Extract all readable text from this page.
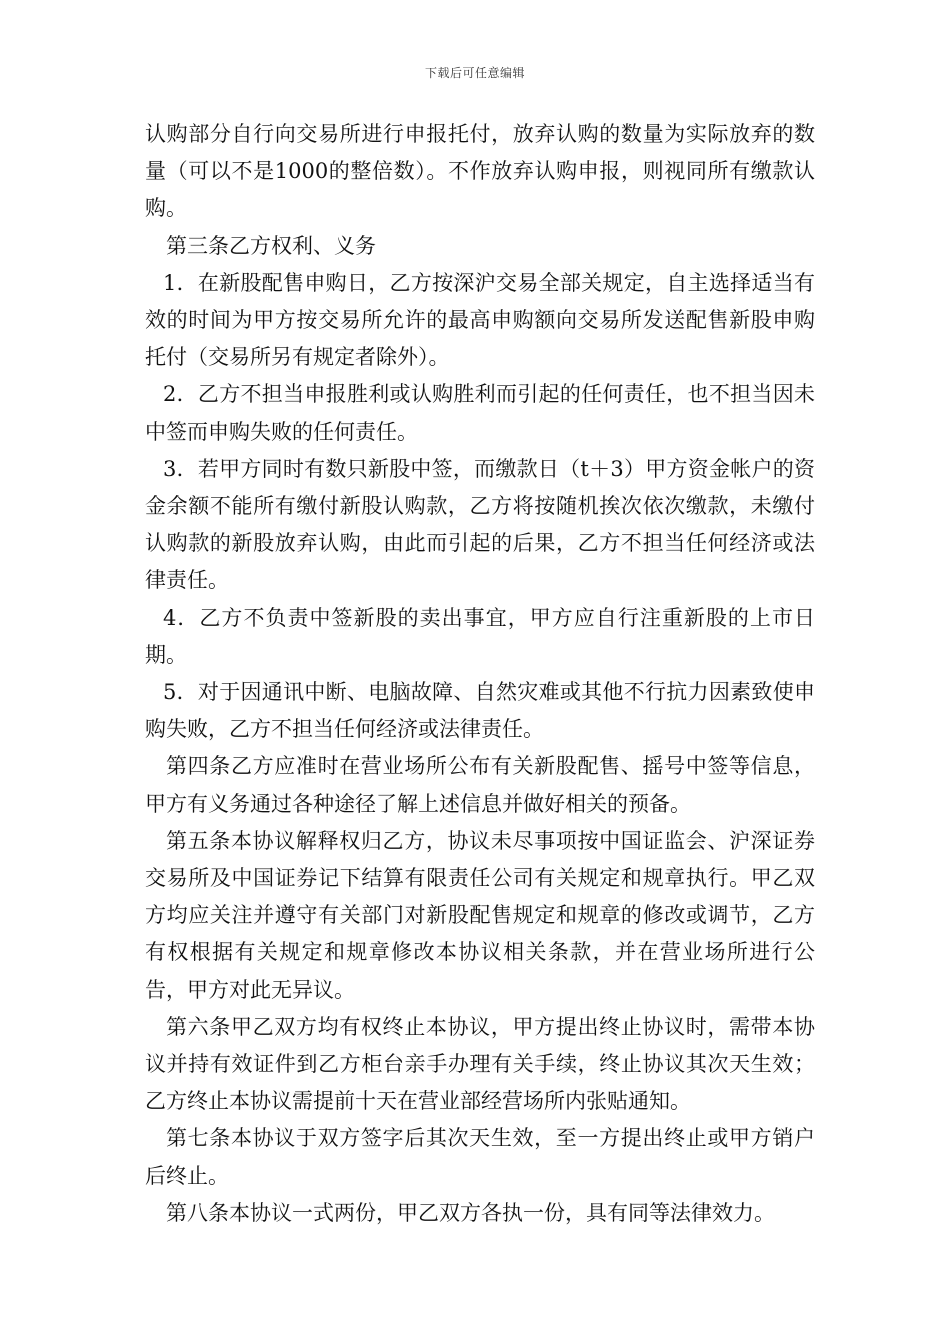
下载后可任意编辑

认购部分自行向交易所进行申报托付，放弃认购的数量为实际放弃的数量（可以不是1000的整倍数）。不作放弃认购申报，则视同所有缴款认购。

第三条乙方权利、义务

1．在新股配售申购日，乙方按深沪交易全部关规定，自主选择适当有效的时间为甲方按交易所允许的最高申购额向交易所发送配售新股申购托付（交易所另有规定者除外）。

2．乙方不担当申报胜利或认购胜利而引起的任何责任，也不担当因未中签而申购失败的任何责任。

3．若甲方同时有数只新股中签，而缴款日（t＋3）甲方资金帐户的资金余额不能所有缴付新股认购款，乙方将按随机挨次依次缴款，未缴付认购款的新股放弃认购，由此而引起的后果，乙方不担当任何经济或法律责任。

4．乙方不负责中签新股的卖出事宜，甲方应自行注重新股的上市日期。

5．对于因通讯中断、电脑故障、自然灾难或其他不行抗力因素致使申购失败，乙方不担当任何经济或法律责任。

第四条乙方应准时在营业场所公布有关新股配售、摇号中签等信息，甲方有义务通过各种途径了解上述信息并做好相关的预备。

第五条本协议解释权归乙方，协议未尽事项按中国证监会、沪深证券交易所及中国证券记下结算有限责任公司有关规定和规章执行。甲乙双方均应关注并遵守有关部门对新股配售规定和规章的修改或调节，乙方有权根据有关规定和规章修改本协议相关条款，并在营业场所进行公告，甲方对此无异议。

第六条甲乙双方均有权终止本协议，甲方提出终止协议时，需带本协议并持有效证件到乙方柜台亲手办理有关手续，终止协议其次天生效；乙方终止本协议需提前十天在营业部经营场所内张贴通知。

第七条本协议于双方签字后其次天生效，至一方提出终止或甲方销户后终止。

第八条本协议一式两份，甲乙双方各执一份，具有同等法律效力。
